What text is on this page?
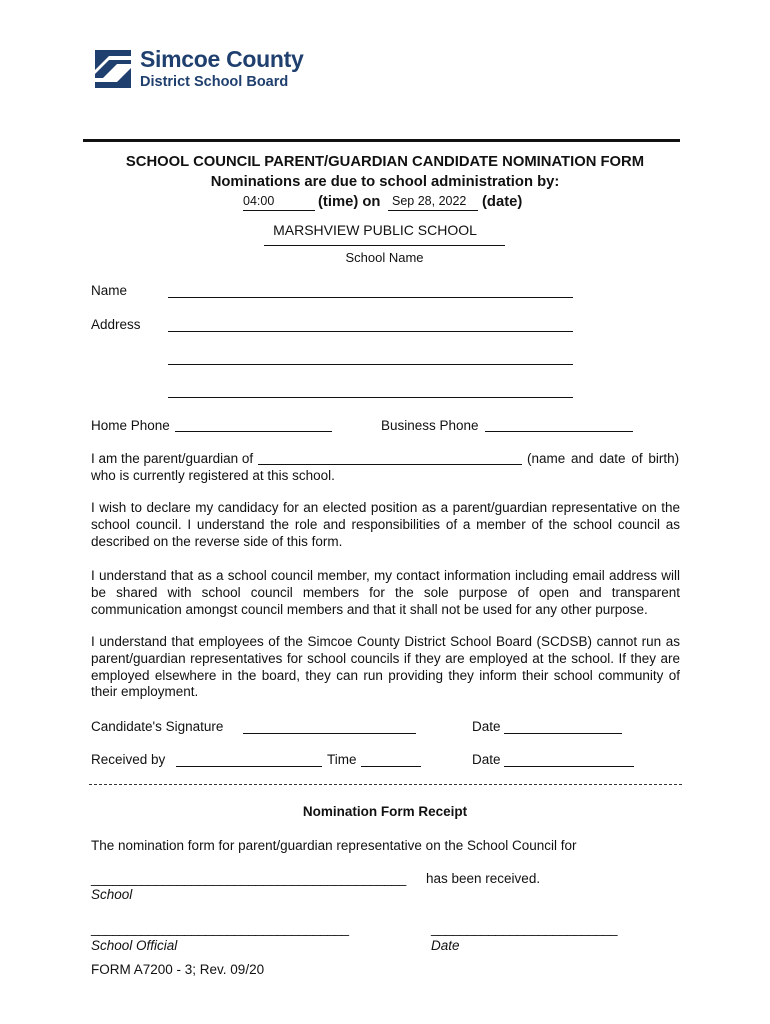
Simcoe County
District School Board
SCHOOL COUNCIL PARENT/GUARDIAN CANDIDATE NOMINATION FORM
Nominations are due to school administration by:
04:00	(time) on Sep 28, 2022	(date)
MARSHVIEW PUBLIC SCHOOL
School Name
Name
Address
Home Phone	Business Phone
I am the parent/guardian of	(name and date of birth)
who is currently registered at this school.
I wish to declare my candidacy for an elected position as a parent/guardian representative on the school council. I understand the role and responsibilities of a member of the school council as described on the reverse side of this form.
I understand that as a school council member, my contact information including email address will be shared with school council members for the sole purpose of open and transparent communication amongst council members and that it shall not be used for any other purpose.
I understand that employees of the Simcoe County District School Board (SCDSB) cannot run as parent/guardian representatives for school councils if they are employed at the school. If they are employed elsewhere in the board, they can run providing they inform their school community of their employment.
Candidate's Signature	Date
Received by	Time	Date
Nomination Form Receipt
The nomination form for parent/guardian representative on the School Council for
____________________________________________ has been received.
School
____________________________________	__________________________
School Official	Date
FORM A7200 - 3; Rev. 09/20
